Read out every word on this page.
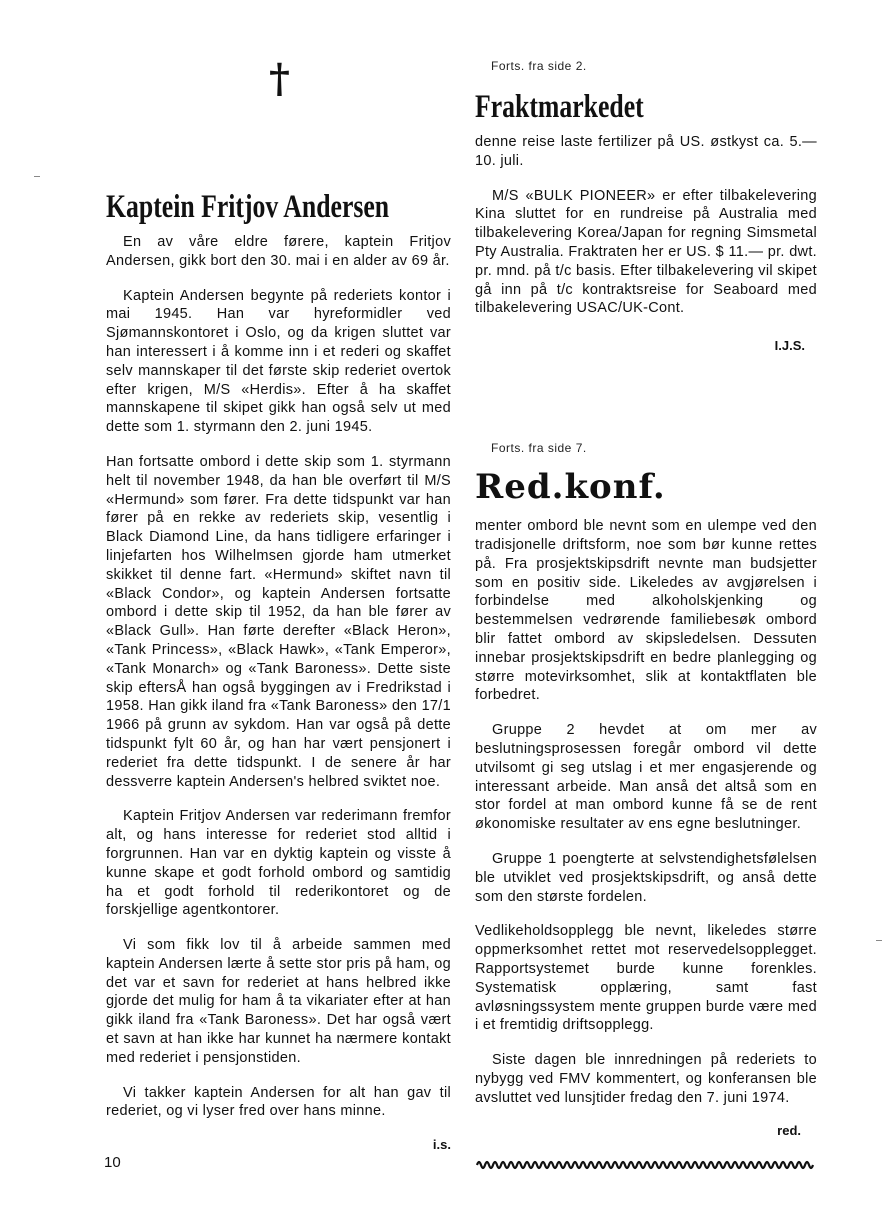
†
Kaptein Fritjov Andersen

En av våre eldre førere, kaptein Fritjov Andersen, gikk bort den 30. mai i en alder av 69 år.

Kaptein Andersen begynte på rederiets kontor i mai 1945. Han var hyreformidler ved Sjømannskontoret i Oslo, og da krigen sluttet var han interessert i å komme inn i et rederi og skaffet selv mannskaper til det første skip rederiet overtok efter krigen, M/S «Herdis». Efter å ha skaffet mannskapene til skipet gikk han også selv ut med dette som 1. styrmann den 2. juni 1945.

Han fortsatte ombord i dette skip som 1. styrmann helt til november 1948, da han ble overført til M/S «Hermund» som fører. Fra dette tidspunkt var han fører på en rekke av rederiets skip, vesentlig i Black Diamond Line, da hans tidligere erfaringer i linjefarten hos Wilhelmsen gjorde ham utmerket skikket til denne fart. «Hermund» skiftet navn til «Black Condor», og kaptein Andersen fortsatte ombord i dette skip til 1952, da han ble fører av «Black Gull». Han førte derefter «Black Heron», «Tank Princess», «Black Hawk», «Tank Emperor», «Tank Monarch» og «Tank Baroness». Dette siste skip eftersÅ han også byggingen av i Fredrikstad i 1958. Han gikk iland fra «Tank Baroness» den 17/1 1966 på grunn av sykdom. Han var også på dette tidspunkt fylt 60 år, og han har vært pensjonert i rederiet fra dette tidspunkt. I de senere år har dessverre kaptein Andersen's helbred sviktet noe.

Kaptein Fritjov Andersen var rederimann fremfor alt, og hans interesse for rederiet stod alltid i forgrunnen. Han var en dyktig kaptein og visste å kunne skape et godt forhold ombord og samtidig ha et godt forhold til rederikontoret og de forskjellige agentkontorer.

Vi som fikk lov til å arbeide sammen med kaptein Andersen lærte å sette stor pris på ham, og det var et savn for rederiet at hans helbred ikke gjorde det mulig for ham å ta vikariater efter at han gikk iland fra «Tank Baroness». Det har også vært et savn at han ikke har kunnet ha nærmere kontakt med rederiet i pensjonstiden.

Vi takker kaptein Andersen for alt han gav til rederiet, og vi lyser fred over hans minne.

i.s.

Forts. fra side 2.
Fraktmarkedet

denne reise laste fertilizer på US. østkyst ca. 5.—10. juli.

M/S «BULK PIONEER» er efter tilbakelevering Kina sluttet for en rundreise på Australia med tilbakelevering Korea/Japan for regning Simsmetal Pty Australia. Fraktraten her er US. $ 11.— pr. dwt. pr. mnd. på t/c basis. Efter tilbakelevering vil skipet gå inn på t/c kontraktsreise for Seaboard med tilbakelevering USAC/UK-Cont.

I.J.S.

Forts. fra side 7.
Red.konf.

menter ombord ble nevnt som en ulempe ved den tradisjonelle driftsform, noe som bør kunne rettes på. Fra prosjektskipsdrift nevnte man budsjetter som en positiv side. Likeledes av avgjørelsen i forbindelse med alkoholskjenking og bestemmelsen vedrørende familiebesøk ombord blir fattet ombord av skipsledelsen. Dessuten innebar prosjektskipsdrift en bedre planlegging og større motevirksomhet, slik at kontaktflaten ble forbedret.

Gruppe 2 hevdet at om mer av beslutningsprosessen foregår ombord vil dette utvilsomt gi seg utslag i et mer engasjerende og interessant arbeide. Man anså det altså som en stor fordel at man ombord kunne få se de rent økonomiske resultater av ens egne beslutninger.

Gruppe 1 poengterte at selvstendighetsfølelsen ble utviklet ved prosjektskipsdrift, og anså dette som den største fordelen.

Vedlikeholdsopplegg ble nevnt, likeledes større oppmerksomhet rettet mot reservedelsopplegget. Rapportsystemet burde kunne forenkles. Systematisk opplæring, samt fast avløsningssystem mente gruppen burde være med i et fremtidig driftsopplegg.

Siste dagen ble innredningen på rederiets to nybygg ved FMV kommentert, og konferansen ble avsluttet ved lunsjtider fredag den 7. juni 1974.

red.

10
